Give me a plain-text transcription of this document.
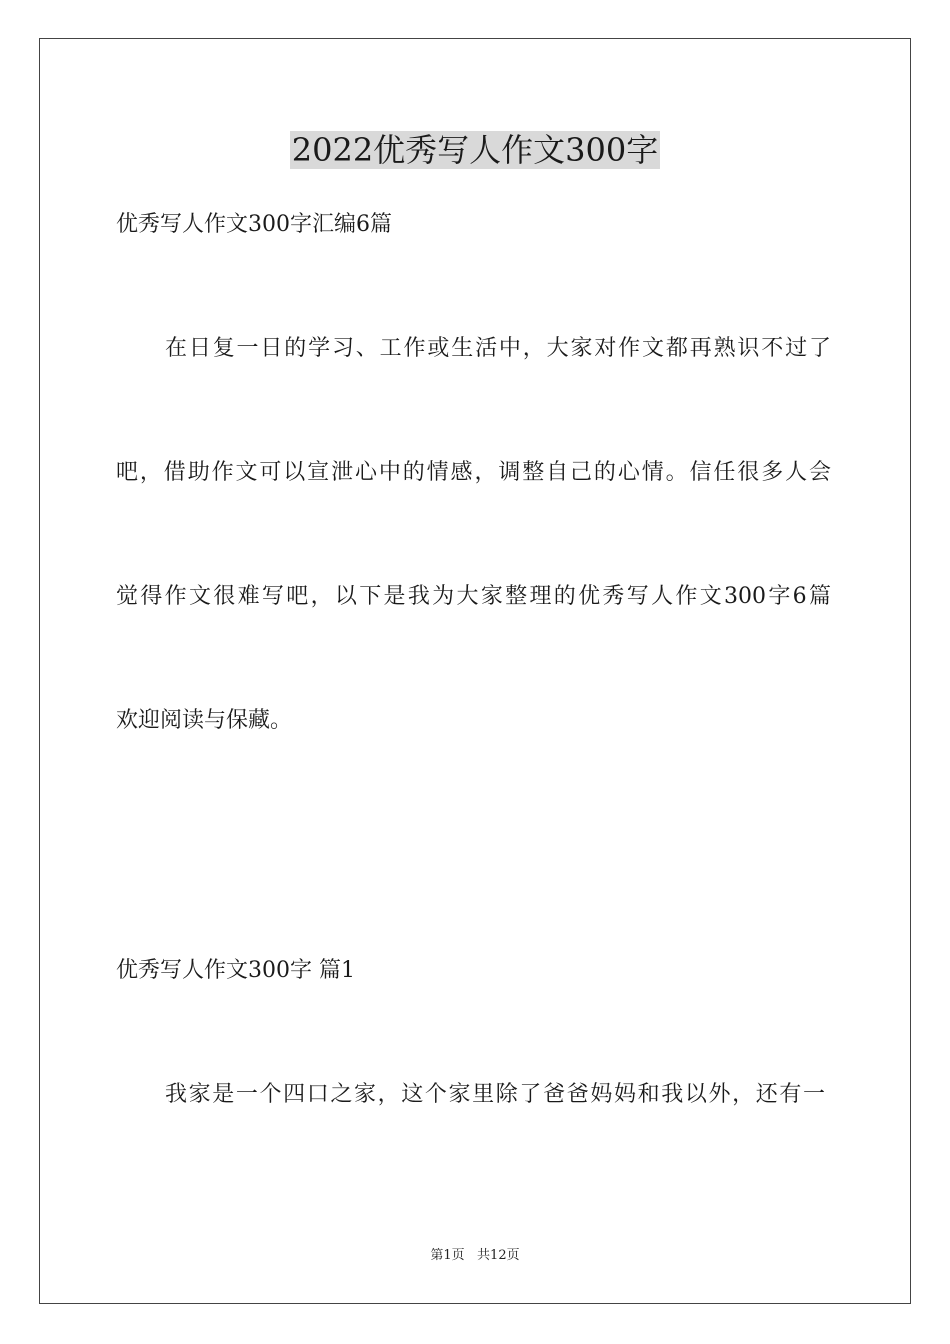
2022优秀写人作文300字
优秀写人作文300字汇编6篇
在日复一日的学习、工作或生活中，大家对作文都再熟识不过了
吧，借助作文可以宣泄心中的情感，调整自己的心情。信任很多人会
觉得作文很难写吧，以下是我为大家整理的优秀写人作文300字6篇
欢迎阅读与保藏。
优秀写人作文300字 篇1
我家是一个四口之家，这个家里除了爸爸妈妈和我以外，还有一
第1页   共12页
